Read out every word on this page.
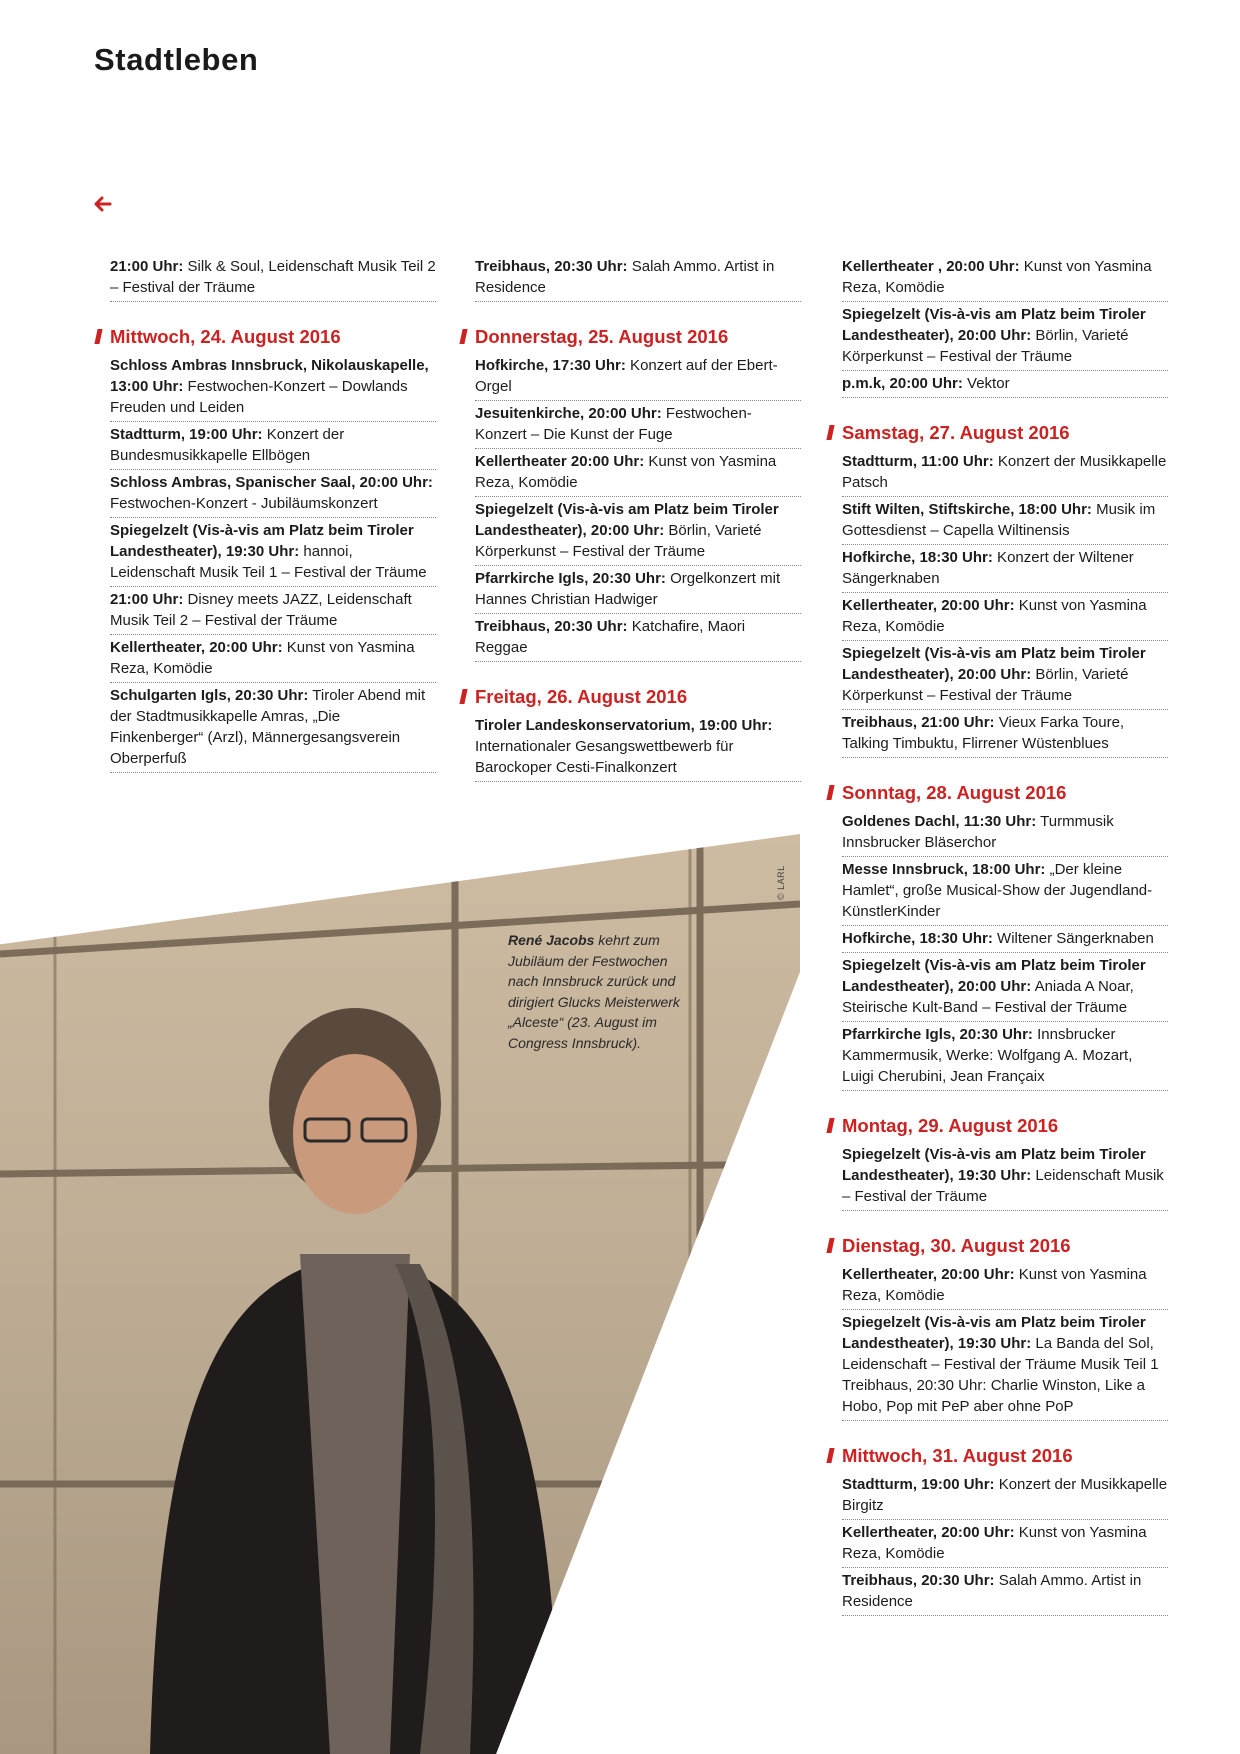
Stadtleben
21:00 Uhr: Silk & Soul, Leidenschaft Musik Teil 2 – Festival der Träume
Mittwoch, 24. August 2016
Schloss Ambras Innsbruck, Nikolauskapelle, 13:00 Uhr: Festwochen-Konzert – Dowlands Freuden und Leiden
Stadtturm, 19:00 Uhr: Konzert der Bundesmusikkapelle Ellbögen
Schloss Ambras, Spanischer Saal, 20:00 Uhr: Festwochen-Konzert - Jubiläumskonzert
Spiegelzelt (Vis-à-vis am Platz beim Tiroler Landestheater), 19:30 Uhr: hannoi, Leidenschaft Musik Teil 1 – Festival der Träume
21:00 Uhr: Disney meets JAZZ, Leidenschaft Musik Teil 2 – Festival der Träume
Kellertheater, 20:00 Uhr: Kunst von Yasmina Reza, Komödie
Schulgarten Igls, 20:30 Uhr: Tiroler Abend mit der Stadtmusikkapelle Amras, „Die Finkenberger“ (Arzl), Männergesangsverein Oberperfuß
Treibhaus, 20:30 Uhr: Salah Ammo. Artist in Residence
Donnerstag, 25. August 2016
Hofkirche, 17:30 Uhr: Konzert auf der Ebert-Orgel
Jesuitenkirche, 20:00 Uhr: Festwochen-Konzert – Die Kunst der Fuge
Kellertheater 20:00 Uhr: Kunst von Yasmina Reza, Komödie
Spiegelzelt (Vis-à-vis am Platz beim Tiroler Landestheater), 20:00 Uhr: Börlin, Varieté Körperkunst – Festival der Träume
Pfarrkirche Igls, 20:30 Uhr: Orgelkonzert mit Hannes Christian Hadwiger
Treibhaus, 20:30 Uhr: Katchafire, Maori Reggae
Freitag, 26. August 2016
Tiroler Landeskonservatorium, 19:00 Uhr: Internationaler Gesangswettbewerb für Barockoper Cesti-Finalkonzert
Kellertheater , 20:00 Uhr: Kunst von Yasmina Reza, Komödie
Spiegelzelt (Vis-à-vis am Platz beim Tiroler Landestheater), 20:00 Uhr: Börlin, Varieté Körperkunst – Festival der Träume
p.m.k, 20:00 Uhr: Vektor
Samstag, 27. August 2016
Stadtturm, 11:00 Uhr: Konzert der Musikkapelle Patsch
Stift Wilten, Stiftskirche, 18:00 Uhr: Musik im Gottesdienst – Capella Wiltinensis
Hofkirche, 18:30 Uhr: Konzert der Wiltener Sängerknaben
Kellertheater, 20:00 Uhr: Kunst von Yasmina Reza, Komödie
Spiegelzelt (Vis-à-vis am Platz beim Tiroler Landestheater), 20:00 Uhr: Börlin, Varieté Körperkunst – Festival der Träume
Treibhaus, 21:00 Uhr: Vieux Farka Toure, Talking Timbuktu, Flirrener Wüstenblues
Sonntag, 28. August 2016
Goldenes Dachl, 11:30 Uhr: Turmmusik Innsbrucker Bläserchor
Messe Innsbruck, 18:00 Uhr: „Der kleine Hamlet“, große Musical-Show der Jugendland-KünstlerKinder
Hofkirche, 18:30 Uhr: Wiltener Sängerknaben
Spiegelzelt (Vis-à-vis am Platz beim Tiroler Landestheater), 20:00 Uhr: Aniada A Noar, Steirische Kult-Band – Festival der Träume
Pfarrkirche Igls, 20:30 Uhr: Innsbrucker Kammermusik, Werke: Wolfgang A. Mozart, Luigi Cherubini, Jean Françaix
Montag, 29. August 2016
Spiegelzelt (Vis-à-vis am Platz beim Tiroler Landestheater), 19:30 Uhr: Leidenschaft Musik – Festival der Träume
Dienstag, 30. August 2016
Kellertheater, 20:00 Uhr: Kunst von Yasmina Reza, Komödie
Spiegelzelt (Vis-à-vis am Platz beim Tiroler Landestheater), 19:30 Uhr: La Banda del Sol, Leidenschaft – Festival der Träume Musik Teil 1 Treibhaus, 20:30 Uhr: Charlie Winston, Like a Hobo, Pop mit PeP aber ohne PoP
Mittwoch, 31. August 2016
Stadtturm, 19:00 Uhr: Konzert der Musikkapelle Birgitz
Kellertheater, 20:00 Uhr: Kunst von Yasmina Reza, Komödie
Treibhaus, 20:30 Uhr: Salah Ammo. Artist in Residence
© LARL
René Jacobs kehrt zum Jubiläum der Festwochen nach Innsbruck zurück und dirigiert Glucks Meisterwerk „Alceste“ (23. August im Congress Innsbruck).
